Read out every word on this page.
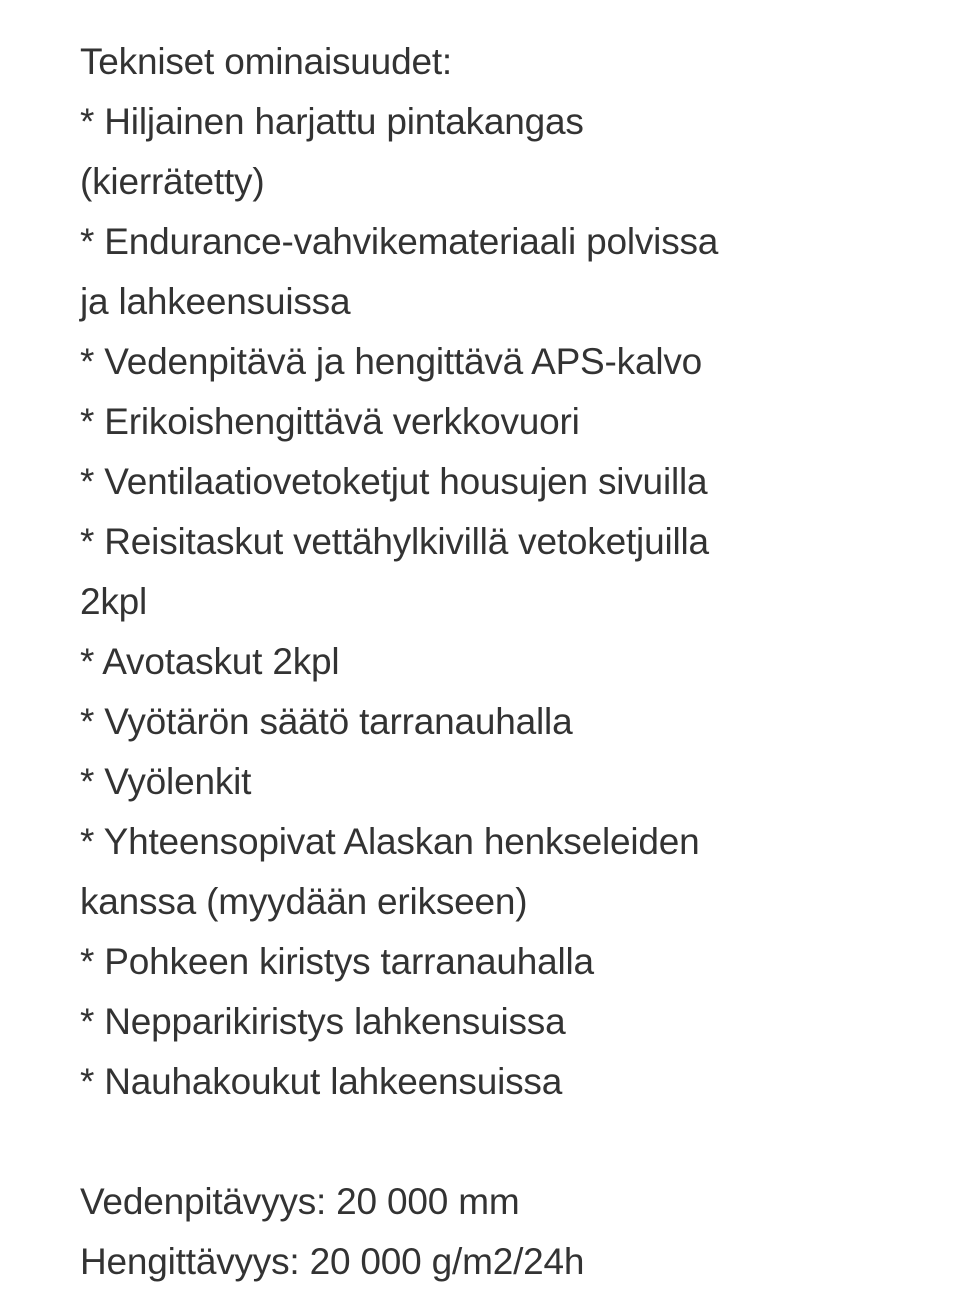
Tekniset ominaisuudet:
* Hiljainen harjattu pintakangas
(kierrätetty)
* Endurance-vahvikemateriaali polvissa
ja lahkeensuissa
* Vedenpitävä ja hengittävä APS-kalvo
* Erikoishengittävä verkkovuori
* Ventilaatiovetoketjut housujen sivuilla
* Reisitaskut vettähylkivillä vetoketjuilla
2kpl
* Avotaskut 2kpl
* Vyötärön säätö tarranauhalla
* Vyölenkit
* Yhteensopivat Alaskan henkseleiden
kanssa (myydään erikseen)
* Pohkeen kiristys tarranauhalla
* Nepparikiristys lahkensuissa
* Nauhakoukut lahkeensuissa
Vedenpitävyys: 20 000 mm
Hengittävyys: 20 000 g/m2/24h
